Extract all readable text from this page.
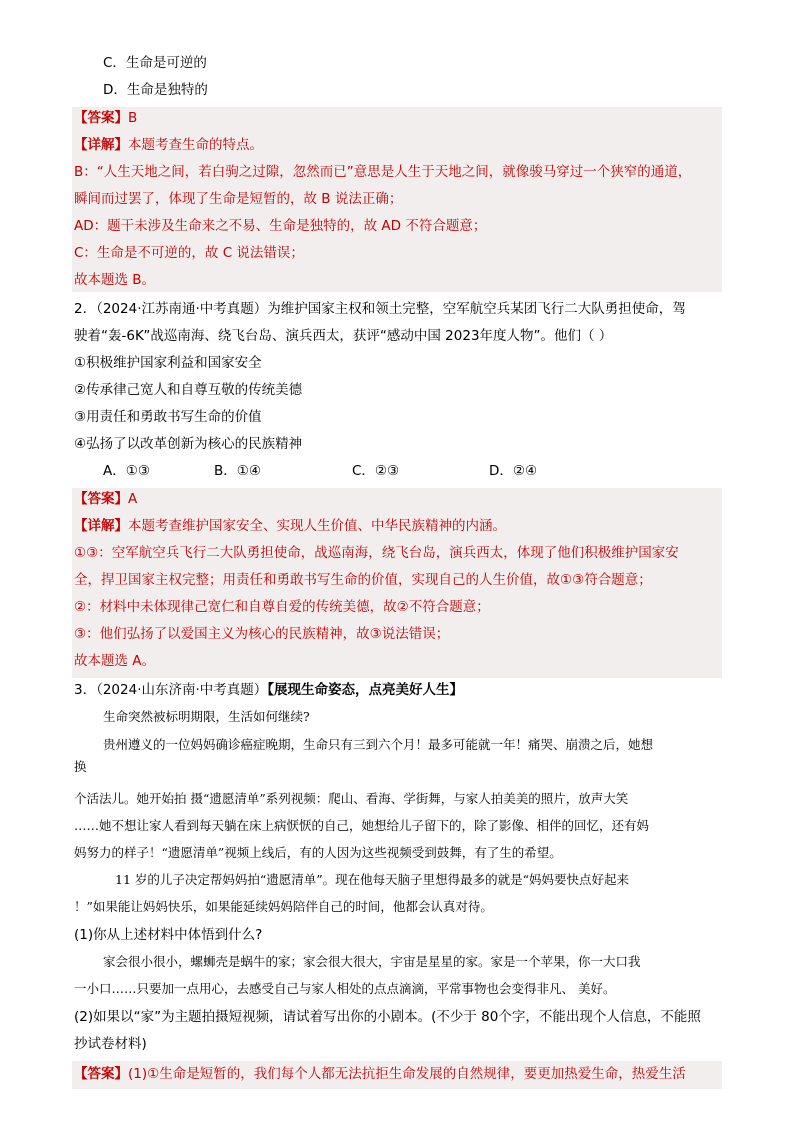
C．生命是可逆的
D．生命是独特的
【答案】B
【详解】本题考查生命的特点。
B：“人生天地之间，若白驹之过隙，忽然而已”意思是人生于天地之间，就像骏马穿过一个狭窄的通道，
瞬间而过罢了，体现了生命是短暂的，故 B 说法正确；
AD：题干未涉及生命来之不易、生命是独特的，故 AD 不符合题意；
C：生命是不可逆的，故 C 说法错误；
故本题选 B。
2．（2024·江苏南通·中考真题）为维护国家主权和领土完整，空军航空兵某团飞行二大队勇担使命，驾
驶着“轰-6K”战巡南海、绕飞台岛、演兵西太，获评“感动中国 2023年度人物”。他们（ ）
①积极维护国家利益和国家安全
②传承律己宽人和自尊互敬的传统美德
③用责任和勇敢书写生命的价值
④弘扬了以改革创新为核心的民族精神
A．①③	B．①④	C．②③	D．②④
【答案】A
【详解】本题考查维护国家安全、实现人生价值、中华民族精神的内涵。
①③：空军航空兵飞行二大队勇担使命，战巡南海，绕飞台岛，演兵西太，体现了他们积极维护国家安
全，捍卫国家主权完整；用责任和勇敢书写生命的价值，实现自己的人生价值，故①③符合题意；
②：材料中未体现律己宽仁和自尊自爱的传统美德，故②不符合题意；
③：他们弘扬了以爱国主义为核心的民族精神，故③说法错误；
故本题选 A。
3．（2024·山东济南·中考真题）【展现生命姿态，点亮美好人生】
生命突然被标明期限，生活如何继续?
贵州遵义的一位妈妈确诊癌症晚期，生命只有三到六个月！最多可能就一年！痛哭、崩溃之后，她想
换
个活法儿。她开始拍 摄“遗愿清单”系列视频：爬山、看海、学街舞，与家人拍美美的照片，放声大笑
……她不想让家人看到每天躺在床上病恹恹的自己，她想给儿子留下的，除了影像、相伴的回忆，还有妈
妈努力的样子！“遗愿清单”视频上线后，有的人因为这些视频受到鼓舞，有了生的希望。
11 岁的儿子决定帮妈妈拍“遗愿清单”。现在他每天脑子里想得最多的就是“妈妈要快点好起来
！”如果能让妈妈快乐，如果能延续妈妈陪伴自己的时间，他都会认真对待。
(1)你从上述材料中体悟到什么?
家会很小很小，螺蛳壳是蜗牛的家；家会很大很大，宇宙是星星的家。家是一个苹果，你一大口我
一小口……只要加一点用心，去感受自己与家人相处的点点滴滴，平常事物也会变得非凡、 美好。
(2)如果以“家”为主题拍摄短视频，请试着写出你的小剧本。(不少于 80个字，不能出现个人信息，不能照
抄试卷材料)
【答案】(1)①生命是短暂的，我们每个人都无法抗拒生命发展的自然规律，要更加热爱生命，热爱生活
